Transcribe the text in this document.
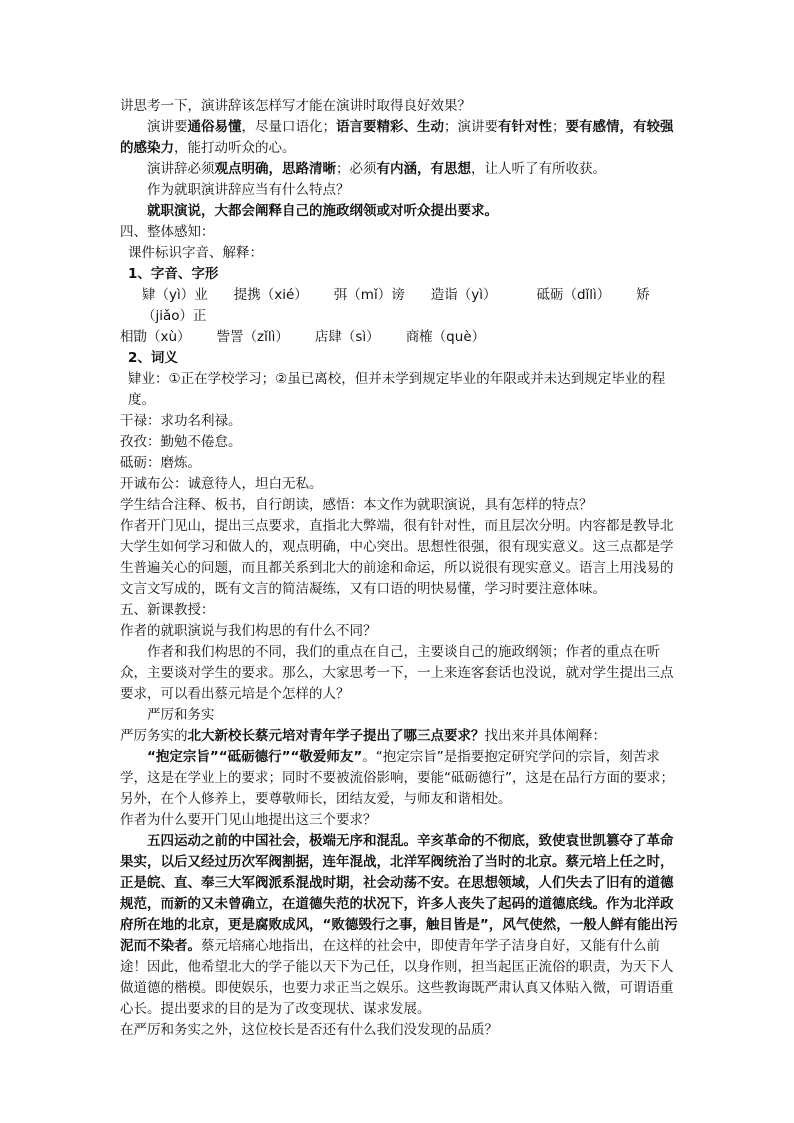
讲思考一下，演讲辞该怎样写才能在演讲时取得良好效果？

演讲要通俗易懂，尽量口语化；语言要精彩、生动；演讲要有针对性；要有感情，有较强的感染力，能打动听众的心。

演讲辞必须观点明确，思路清晰；必须有内涵，有思想，让人听了有所收获。

作为就职演讲辞应当有什么特点？

就职演说，大都会阐释自己的施政纲领或对听众提出要求。

四、整体感知：

课件标识字音、解释：

1、字音、字形

肄（yì）业 提携（xié） 弭（mǐ）谤 造诣（yì）	砥砺（dǐlì） 矫（jiǎo）正

相勖（xù） 訾詈（zǐlì） 店肆（sì） 商榷（què）

2、词义

肄业：①正在学校学习；②虽已离校，但并未学到规定毕业的年限或并未达到规定毕业的程度。

干禄：求功名利禄。

孜孜：勤勉不倦怠。

砥砺：磨炼。

开诚布公：诚意待人，坦白无私。

学生结合注释、板书，自行朗读，感悟：本文作为就职演说，具有怎样的特点？

作者开门见山，提出三点要求，直指北大弊端，很有针对性，而且层次分明。内容都是教导北大学生如何学习和做人的，观点明确，中心突出。思想性很强，很有现实意义。这三点都是学生普遍关心的问题，而且都关系到北大的前途和命运，所以说很有现实意义。语言上用浅易的文言文写成的，既有文言的简洁凝练，又有口语的明快易懂，学习时要注意体味。

五、新课教授：

作者的就职演说与我们构思的有什么不同？

作者和我们构思的不同，我们的重点在自己，主要谈自己的施政纲领；作者的重点在听众，主要谈对学生的要求。那么，大家思考一下，一上来连客套话也没说，就对学生提出三点要求，可以看出蔡元培是个怎样的人？

严厉和务实

严厉务实的北大新校长蔡元培对青年学子提出了哪三点要求？找出来并具体阐释：

“抱定宗旨”“砥砺德行”“敬爱师友”。“抱定宗旨”是指要抱定研究学问的宗旨，刻苦求学，这是在学业上的要求；同时不要被流俗影响，要能“砥砺德行”，这是在品行方面的要求；另外，在个人修养上，要尊敬师长，团结友爱，与师友和谐相处。

作者为什么要开门见山地提出这三个要求？

五四运动之前的中国社会，极端无序和混乱。辛亥革命的不彻底，致使袁世凯篡夺了革命果实，以后又经过历次军阀割据，连年混战，北洋军阀统治了当时的北京。蔡元培上任之时，正是皖、直、奉三大军阀派系混战时期，社会动荡不安。在思想领域，人们失去了旧有的道德规范，而新的又未曾确立，在道德失范的状况下，许多人丧失了起码的道德底线。作为北洋政府所在地的北京，更是腐败成风，“败德毁行之事，触目皆是”，风气使然，一般人鲜有能出污泥而不染者。蔡元培痛心地指出，在这样的社会中，即使青年学子洁身自好，又能有什么前途！因此，他希望北大的学子能以天下为己任，以身作则，担当起匡正流俗的职责，为天下人做道德的楷模。即使娱乐，也要力求正当之娱乐。这些教诲既严肃认真又体贴入微，可谓语重心长。提出要求的目的是为了改变现状、谋求发展。

在严厉和务实之外，这位校长是否还有什么我们没发现的品质？
